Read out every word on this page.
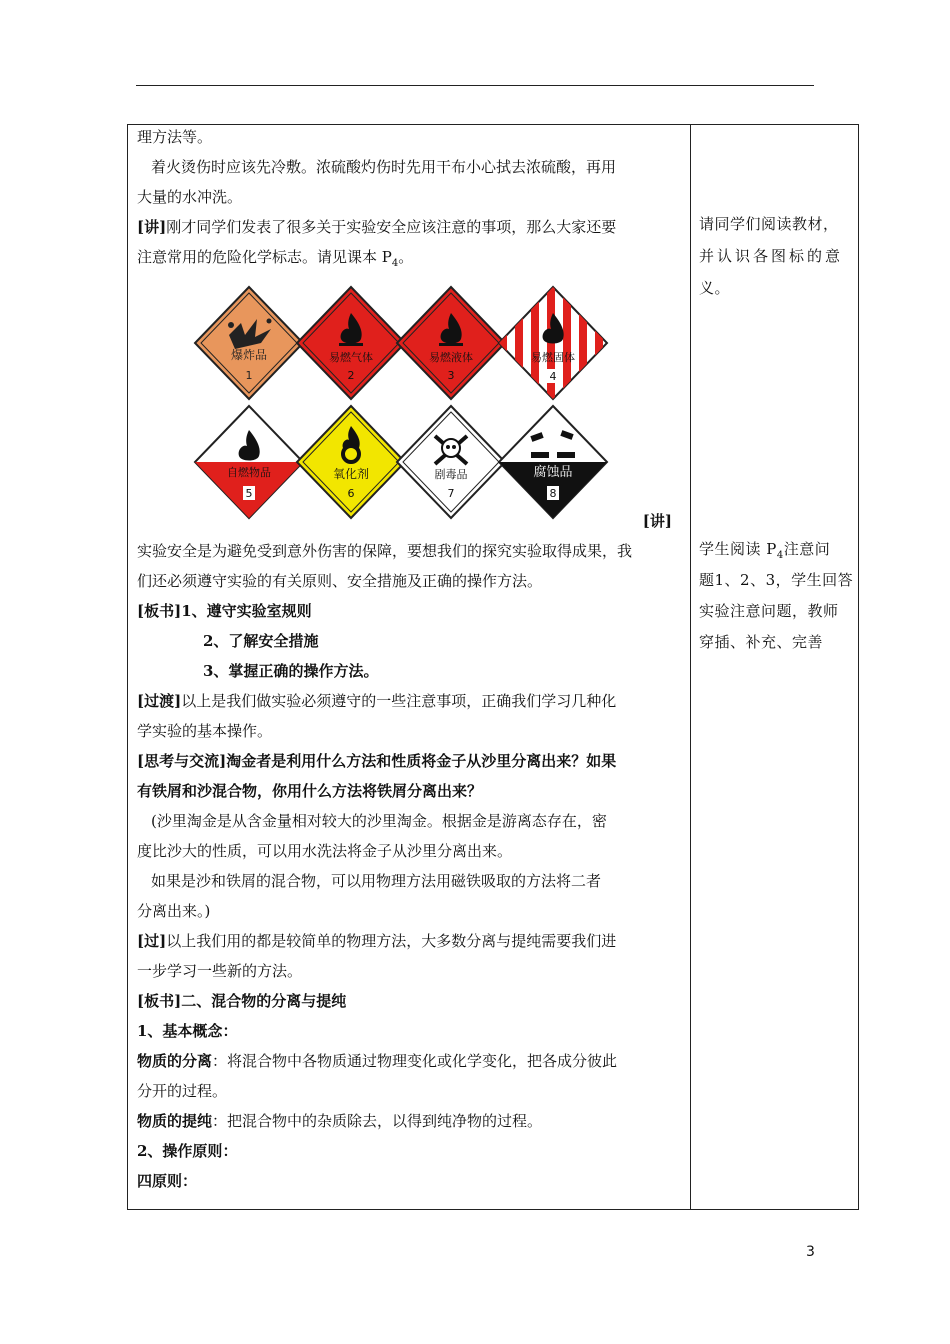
理方法等。
着火烫伤时应该先冷敷。浓硫酸灼伤时先用干布小心拭去浓硫酸，再用
大量的水冲洗。
[讲]刚才同学们发表了很多关于实验安全应该注意的事项，那么大家还要
注意常用的危险化学标志。请见课本 $P_4$。
爆炸品
1
易燃气体
2
易燃液体
3
易燃固体
4
自燃物品
5
氧化剂
6
剧毒品
7
腐蚀品
8
[讲]
实验安全是为避免受到意外伤害的保障，要想我们的探究实验取得成果，我
们还必须遵守实验的有关原则、安全措施及正确的操作方法。
[板书]1、遵守实验室规则
2、了解安全措施
3、掌握正确的操作方法。
[过渡]以上是我们做实验必须遵守的一些注意事项，正确我们学习几种化
学实验的基本操作。
[思考与交流]淘金者是利用什么方法和性质将金子从沙里分离出来？如果
有铁屑和沙混合物，你用什么方法将铁屑分离出来？
(沙里淘金是从含金量相对较大的沙里淘金。根据金是游离态存在，密
度比沙大的性质，可以用水洗法将金子从沙里分离出来。
如果是沙和铁屑的混合物，可以用物理方法用磁铁吸取的方法将二者
分离出来。)
[过]以上我们用的都是较简单的物理方法，大多数分离与提纯需要我们进
一步学习一些新的方法。
[板书]二、混合物的分离与提纯
1、基本概念：
物质的分离：将混合物中各物质通过物理变化或化学变化，把各成分彼此
分开的过程。
物质的提纯：把混合物中的杂质除去，以得到纯净物的过程。
2、操作原则：
四原则：
请同学们阅读教材，
并认识各图标的意
义。
学生阅读 $P_4$注意问
题1、2、3，学生回答
实验注意问题，教师
穿插、补充、完善
3
